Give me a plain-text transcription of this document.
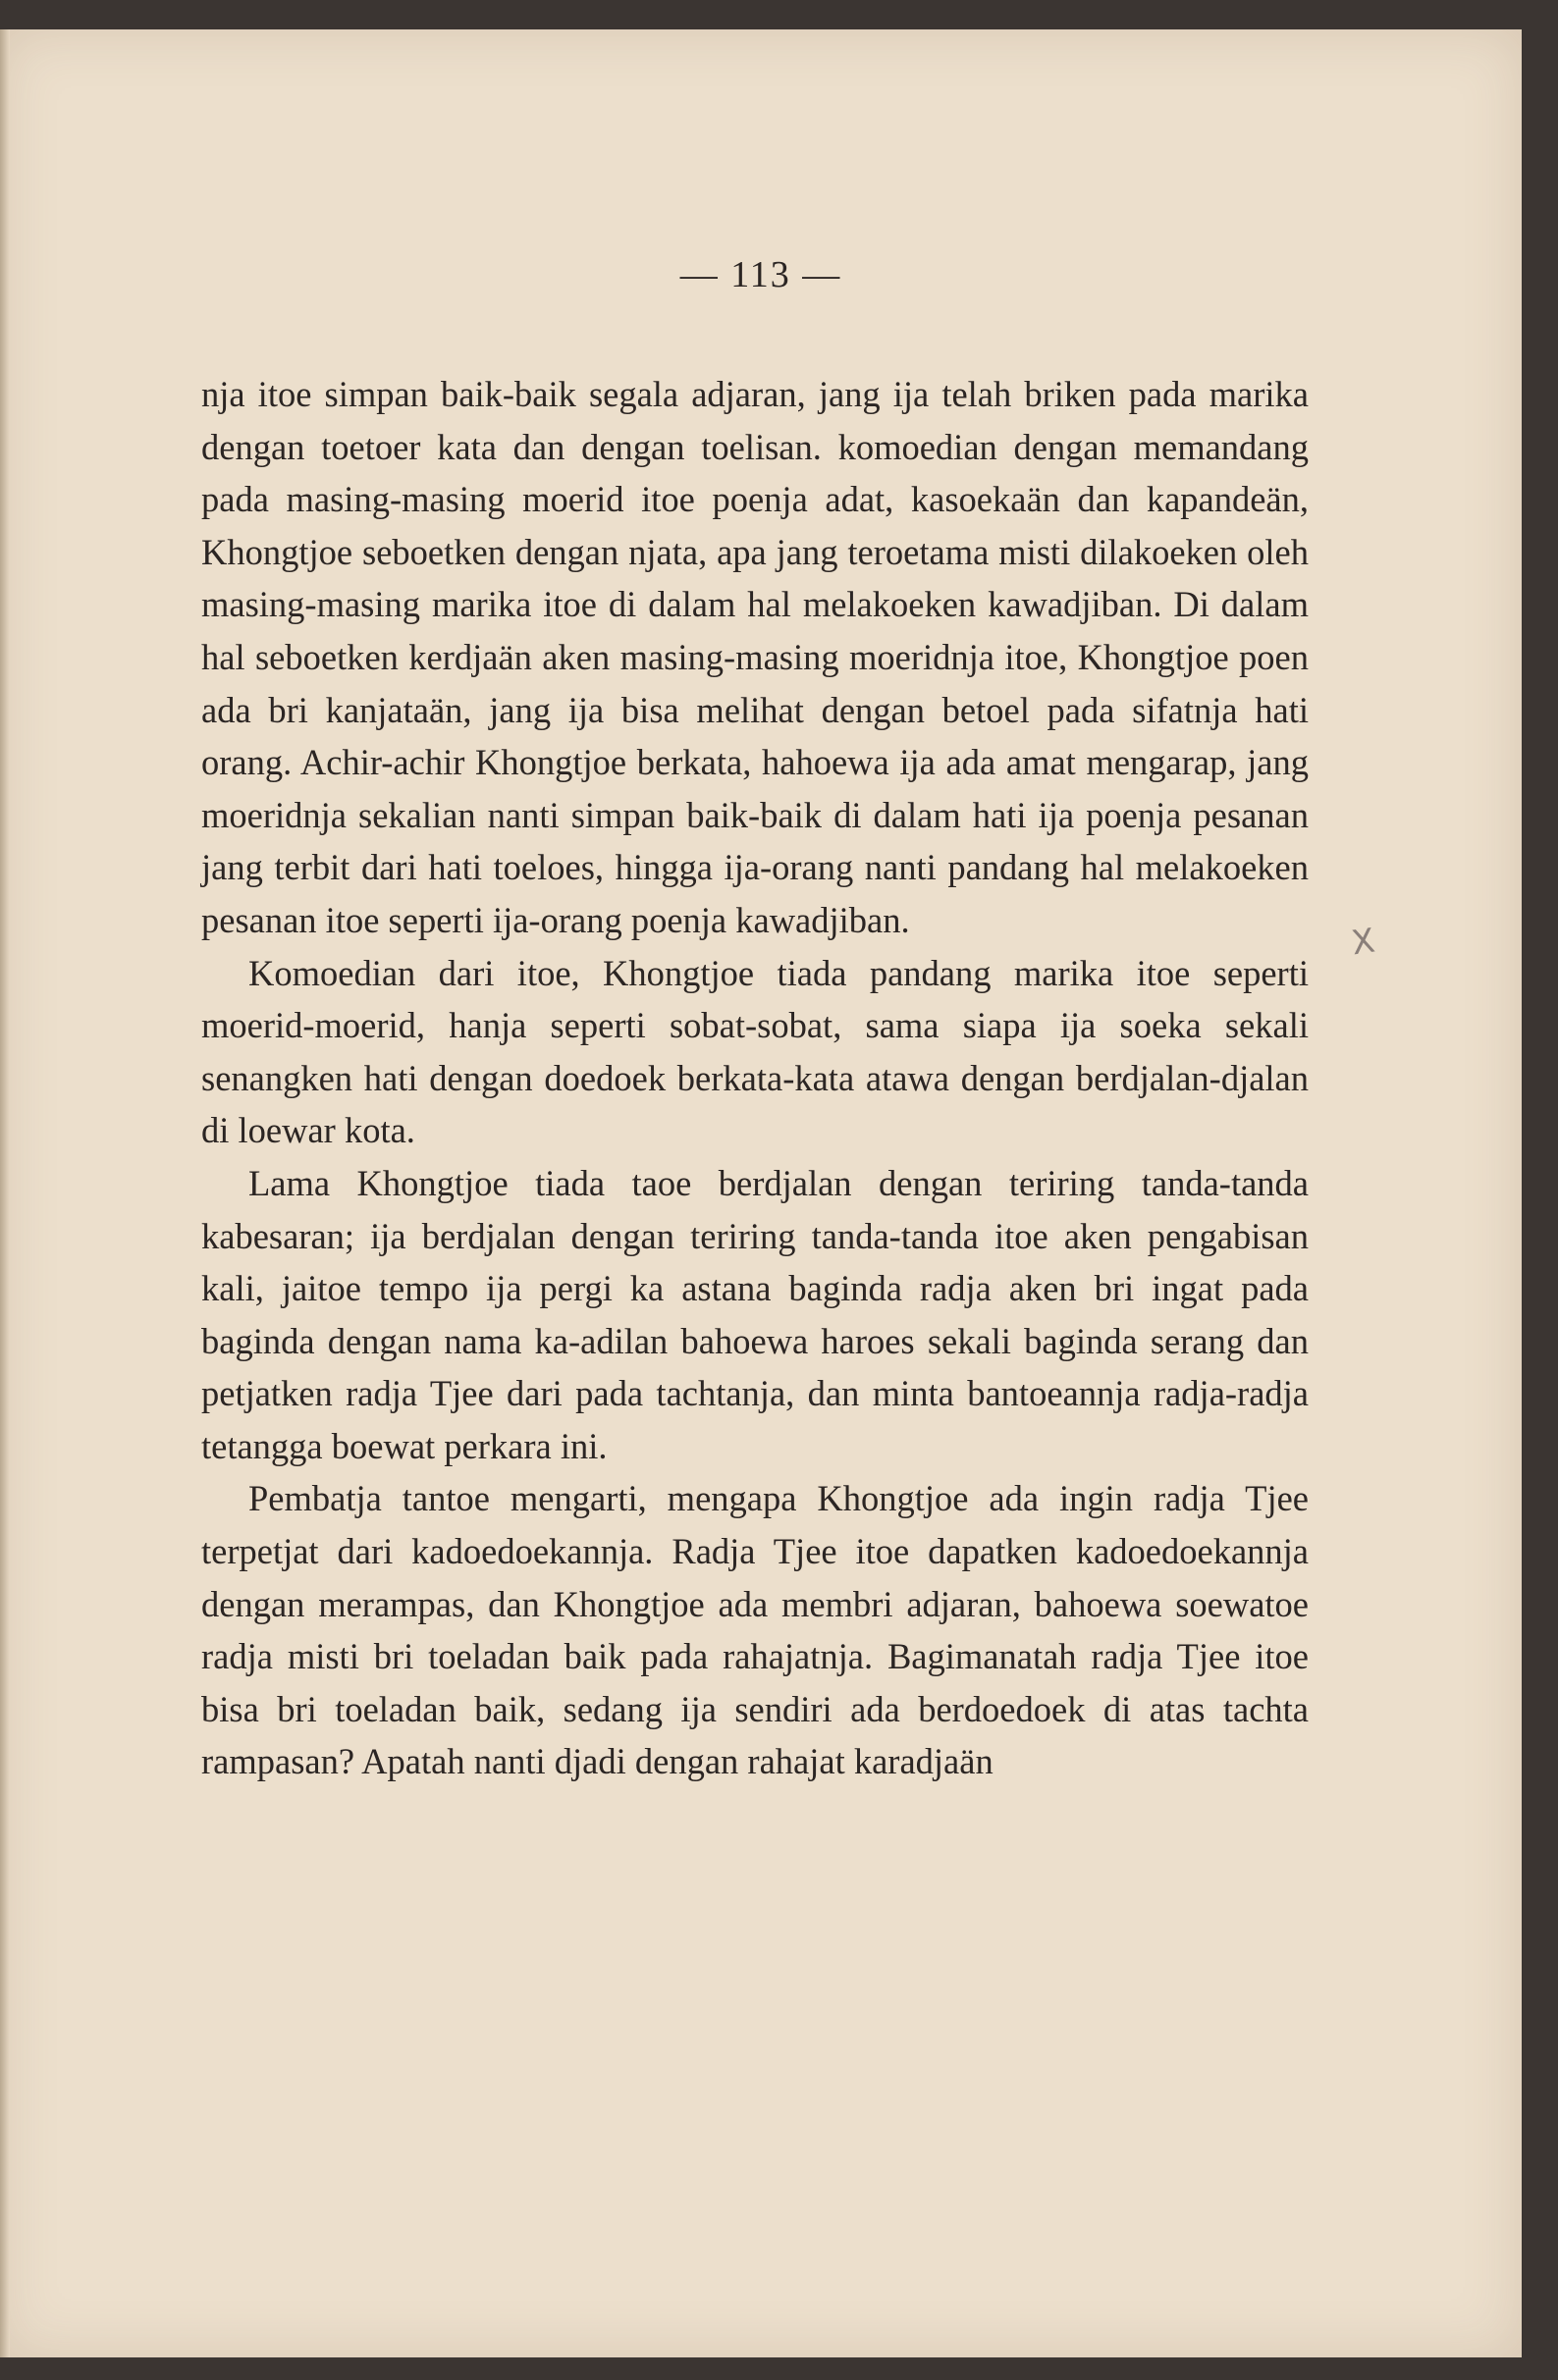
— 113 —

nja itoe simpan baik-baik segala adjaran, jang ija telah briken pada marika dengan toetoer kata dan dengan toelisan. komoedian dengan memandang pada masing-masing moerid itoe poenja adat, kasoekaän dan kapandeän, Khongtjoe seboetken dengan njata, apa jang teroetama misti dilakoeken oleh masing-masing marika itoe di dalam hal melakoeken kawadjiban. Di dalam hal seboetken kerdjaän aken masing-masing moeridnja itoe, Khongtjoe poen ada bri kanjataän, jang ija bisa melihat dengan betoel pada sifatnja hati orang. Achir-achir Khongtjoe berkata, hahoewa ija ada amat mengarap, jang moeridnja sekalian nanti simpan baik-baik di dalam hati ija poenja pesanan jang terbit dari hati toeloes, hingga ija-orang nanti pandang hal melakoeken pesanan itoe seperti ija-orang poenja kawadjiban.

Komoedian dari itoe, Khongtjoe tiada pandang marika itoe seperti moerid-moerid, hanja seperti sobat-sobat, sama siapa ija soeka sekali senangken hati dengan doedoek berkata-kata atawa dengan berdjalan-djalan di loewar kota.

Lama Khongtjoe tiada taoe berdjalan dengan teriring tanda-tanda kabesaran; ija berdjalan dengan teriring tanda-tanda itoe aken pengabisan kali, jaitoe tempo ija pergi ka astana baginda radja aken bri ingat pada baginda dengan nama ka-adilan bahoewa haroes sekali baginda serang dan petjatken radja Tjee dari pada tachtanja, dan minta bantoeannja radja-radja tetangga boewat perkara ini.

Pembatja tantoe mengarti, mengapa Khongtjoe ada ingin radja Tjee terpetjat dari kadoedoekannja. Radja Tjee itoe dapatken kadoedoekannja dengan merampas, dan Khongtjoe ada membri adjaran, bahoewa soewatoe radja misti bri toeladan baik pada rahajatnja. Bagimanatah radja Tjee itoe bisa bri toeladan baik, sedang ija sendiri ada berdoedoek di atas tachta rampasan? Apatah nanti djadi dengan rahajat karadjaän

X
